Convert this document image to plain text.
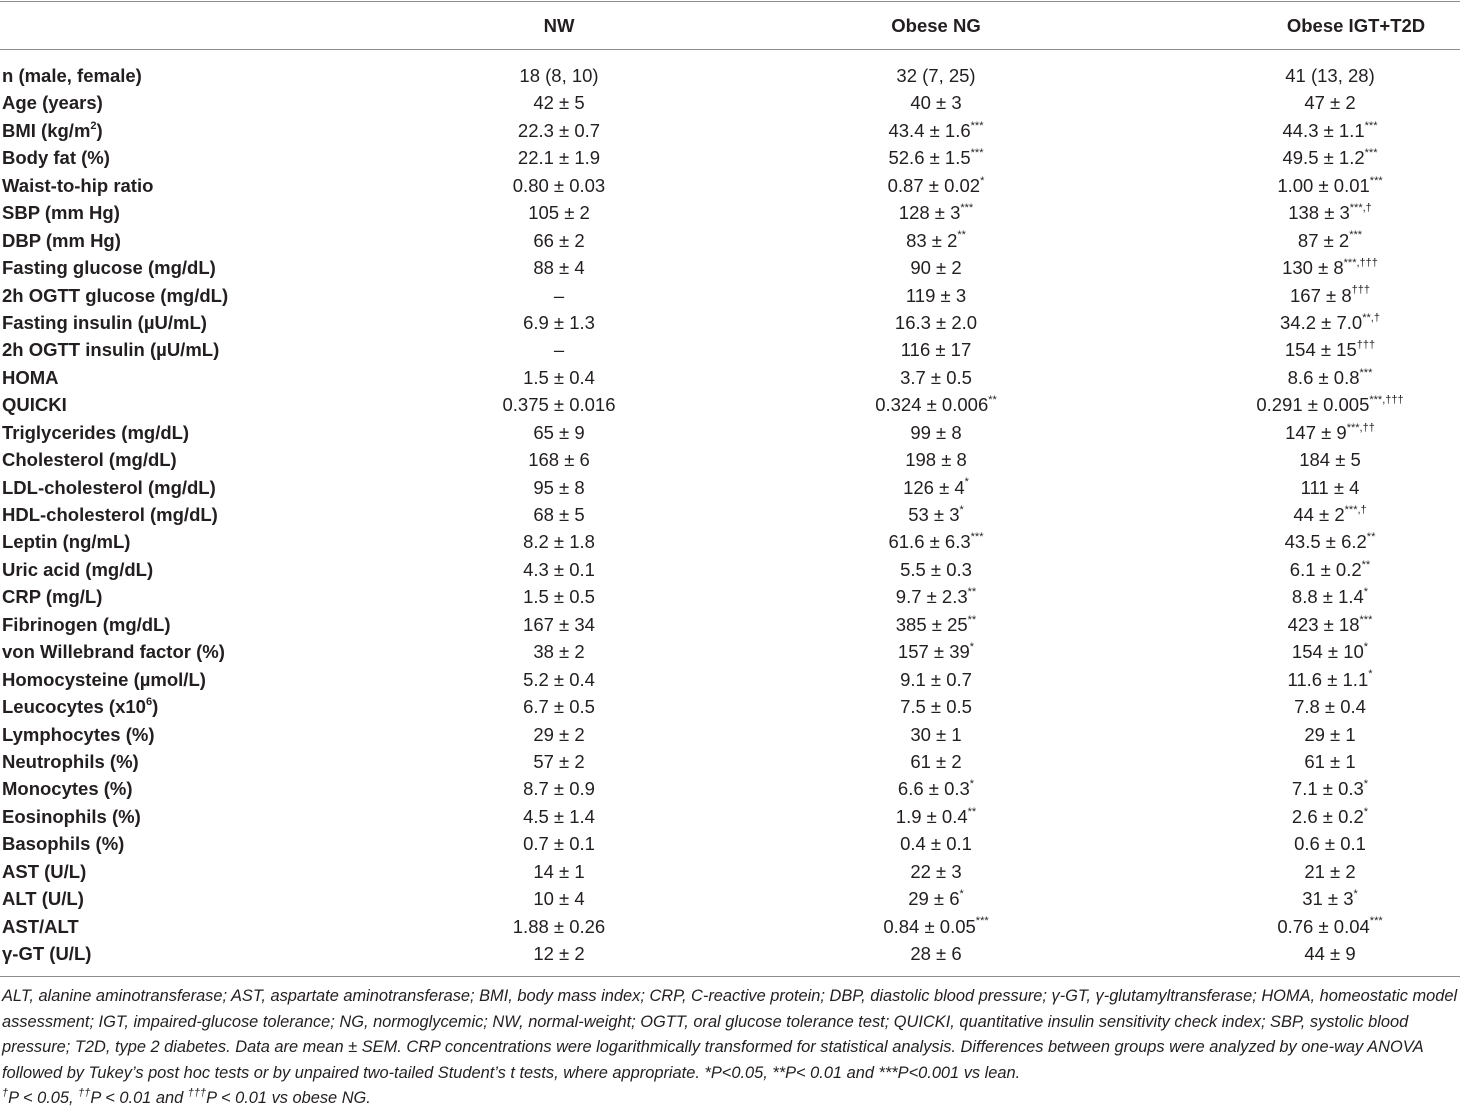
NW	Obese NG	Obese IGT+T2D
n (male, female)	18 (8, 10)	32 (7, 25)	41 (13, 28)
Age (years)	42 ± 5	40 ± 3	47 ± 2
BMI $(kg/m^2)$	22.3 ± 0.7	43.4 ± 1.6***	44.3 ± 1.1***
Body fat (%)	22.1 ± 1.9	52.6 ± 1.5***	49.5 ± 1.2***
Waist-to-hip ratio	0.80 ± 0.03	0.87 ± 0.02*	1.00 ± 0.01***
SBP (mm Hg)	105 ± 2	128 ± 3***	138 ± 3***,†
DBP (mm Hg)	66 ± 2	83 ± 2**	87 ± 2***
Fasting glucose (mg/dL)	88 ± 4	90 ± 2	130 ± 8***,†††
2h OGTT glucose (mg/dL)	–	119 ± 3	167 ± 8†††
Fasting insulin (µU/mL)	6.9 ± 1.3	16.3 ± 2.0	34.2 ± 7.0**,†
2h OGTT insulin (µU/mL)	–	116 ± 17	154 ± 15†††
HOMA	1.5 ± 0.4	3.7 ± 0.5	8.6 ± 0.8***
QUICKI	0.375 ± 0.016	0.324 ± 0.006**	0.291 ± 0.005***,†††
Triglycerides (mg/dL)	65 ± 9	99 ± 8	147 ± 9***,††
Cholesterol (mg/dL)	168 ± 6	198 ± 8	184 ± 5
LDL-cholesterol (mg/dL)	95 ± 8	126 ± 4*	111 ± 4
HDL-cholesterol (mg/dL)	68 ± 5	53 ± 3*	44 ± 2***,†
Leptin (ng/mL)	8.2 ± 1.8	61.6 ± 6.3***	43.5 ± 6.2**
Uric acid (mg/dL)	4.3 ± 0.1	5.5 ± 0.3	6.1 ± 0.2**
CRP (mg/L)	1.5 ± 0.5	9.7 ± 2.3**	8.8 ± 1.4*
Fibrinogen (mg/dL)	167 ± 34	385 ± 25**	423 ± 18***
von Willebrand factor (%)	38 ± 2	157 ± 39*	154 ± 10*
Homocysteine (µmol/L)	5.2 ± 0.4	9.1 ± 0.7	11.6 ± 1.1*
Leucocytes $(x10^6)$	6.7 ± 0.5	7.5 ± 0.5	7.8 ± 0.4
Lymphocytes (%)	29 ± 2	30 ± 1	29 ± 1
Neutrophils (%)	57 ± 2	61 ± 2	61 ± 1
Monocytes (%)	8.7 ± 0.9	6.6 ± 0.3*	7.1 ± 0.3*
Eosinophils (%)	4.5 ± 1.4	1.9 ± 0.4**	2.6 ± 0.2*
Basophils (%)	0.7 ± 0.1	0.4 ± 0.1	0.6 ± 0.1
AST (U/L)	14 ± 1	22 ± 3	21 ± 2
ALT (U/L)	10 ± 4	29 ± 6*	31 ± 3*
AST/ALT	1.88 ± 0.26	0.84 ± 0.05***	0.76 ± 0.04***
γ-GT (U/L)	12 ± 2	28 ± 6	44 ± 9

ALT, alanine aminotransferase; AST, aspartate aminotransferase; BMI, body mass index; CRP, C-reactive protein; DBP, diastolic blood pressure; γ-GT, γ-glutamyltransferase; HOMA, homeostatic model assessment; IGT, impaired-glucose tolerance; NG, normoglycemic; NW, normal-weight; OGTT, oral glucose tolerance test; QUICKI, quantitative insulin sensitivity check index; SBP, systolic blood pressure; T2D, type 2 diabetes. Data are mean ± SEM. CRP concentrations were logarithmically transformed for statistical analysis. Differences between groups were analyzed by one-way ANOVA followed by Tukey’s post hoc tests or by unpaired two-tailed Student’s t tests, where appropriate. *P<0.05, **P< 0.01 and ***P<0.001 vs lean.
†P < 0.05, ††P < 0.01 and †††P < 0.01 vs obese NG.
